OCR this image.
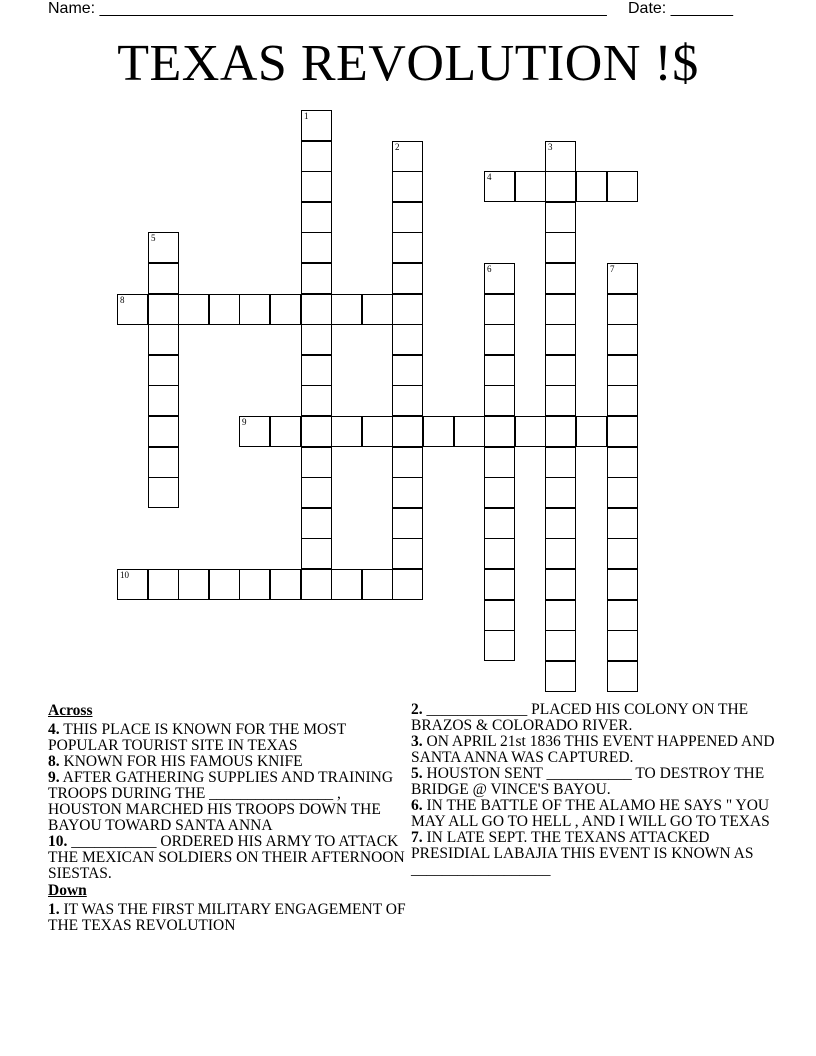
Name: _________________________________________________________ Date: _______
TEXAS REVOLUTION !$
1
2	3
4
5
6	7
8
9
10
Across
4. THIS PLACE IS KNOWN FOR THE MOST POPULAR TOURIST SITE IN TEXAS
8. KNOWN FOR HIS FAMOUS KNIFE
9. AFTER GATHERING SUPPLIES AND TRAINING TROOPS DURING THE ________________ , HOUSTON MARCHED HIS TROOPS DOWN THE BAYOU TOWARD SANTA ANNA
10. ___________ ORDERED HIS ARMY TO ATTACK THE MEXICAN SOLDIERS ON THEIR AFTERNOON SIESTAS.
Down
1. IT WAS THE FIRST MILITARY ENGAGEMENT OF THE TEXAS REVOLUTION
2. _____________ PLACED HIS COLONY ON THE BRAZOS & COLORADO RIVER.
3. ON APRIL 21st 1836 THIS EVENT HAPPENED AND SANTA ANNA WAS CAPTURED.
5. HOUSTON SENT ___________ TO DESTROY THE BRIDGE @ VINCE'S BAYOU.
6. IN THE BATTLE OF THE ALAMO HE SAYS " YOU MAY ALL GO TO HELL , AND I WILL GO TO TEXAS
7. IN LATE SEPT. THE TEXANS ATTACKED PRESIDIAL LABAJIA THIS EVENT IS KNOWN AS __________________
